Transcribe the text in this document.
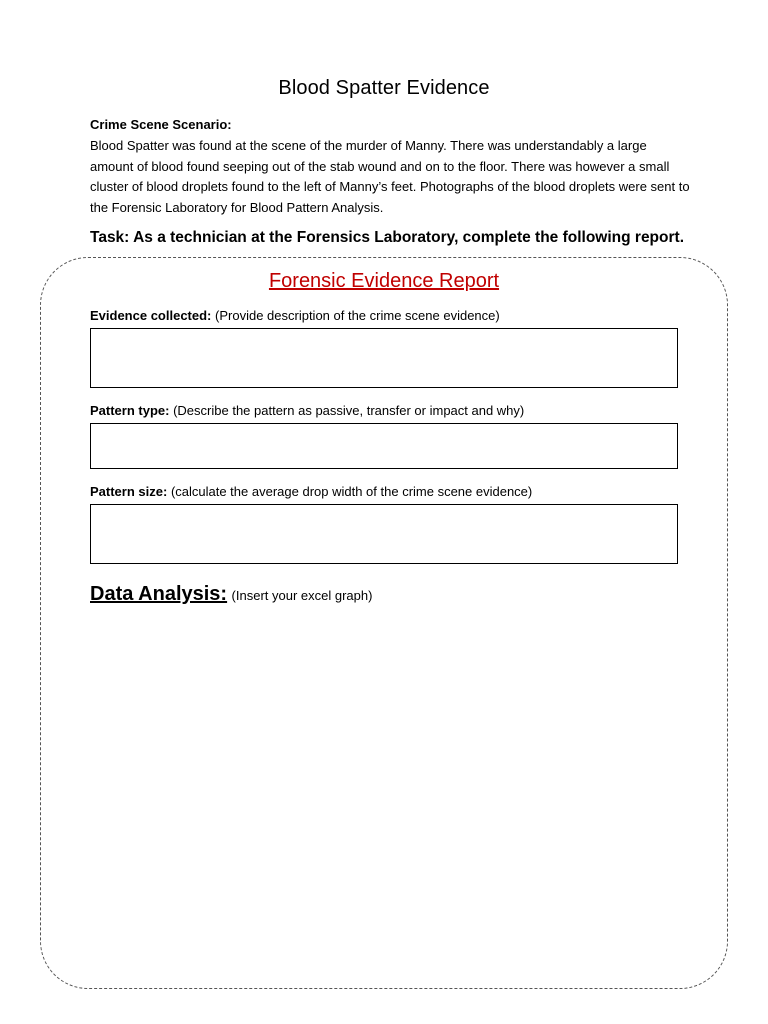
Blood Spatter Evidence
Crime Scene Scenario:
Blood Spatter was found at the scene of the murder of Manny. There was understandably a large amount of blood found seeping out of the stab wound and on to the floor. There was however a small cluster of blood droplets found to the left of Manny’s feet. Photographs of the blood droplets were sent to the Forensic Laboratory for Blood Pattern Analysis.
Task: As a technician at the Forensics Laboratory, complete the following report.
Forensic Evidence Report
Evidence collected: (Provide description of the crime scene evidence)
Pattern type: (Describe the pattern as passive, transfer or impact and why)
Pattern size: (calculate the average drop width of the crime scene evidence)
Data Analysis: (Insert your excel graph)
